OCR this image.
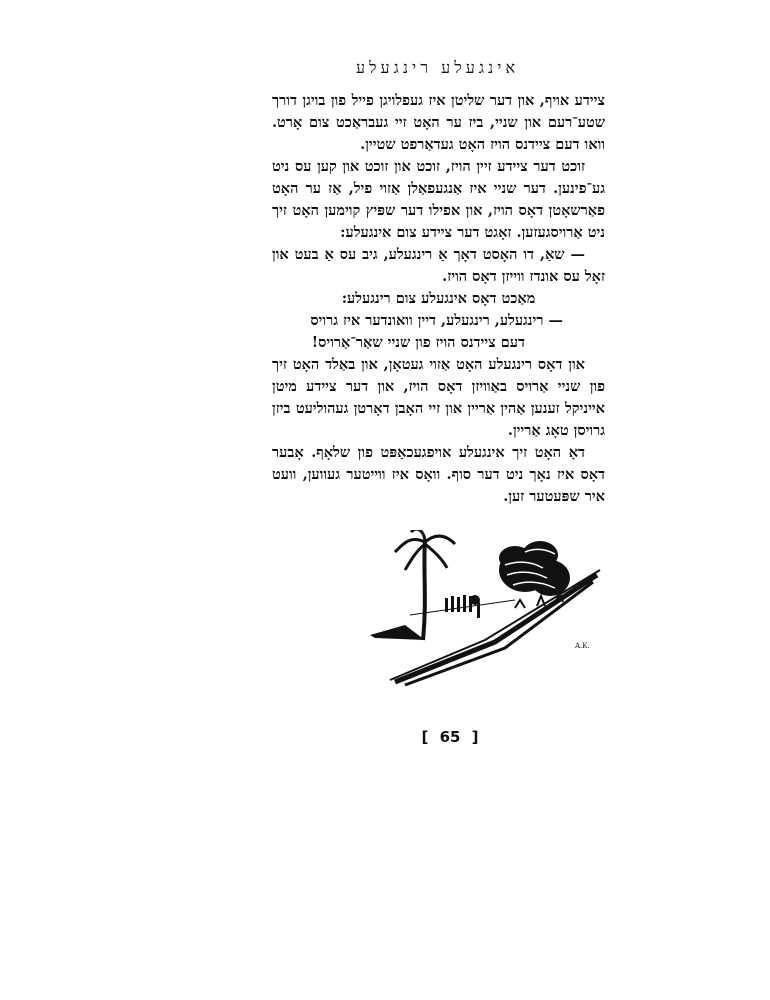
אינגעלע רינגעלע

ציידע אויף, און דער שליטן איז געפלויגן פייל פון בויגן דורך שטע־רעם און שניי, ביז ער האָט זיי געבראַכט צום אָרט. וואו דעם ציידנס הויז האָט געדאַרפט שטיין.

זוכט דער ציידע זיין הויז, זוכט און זוכט און קען עס ניט גע־פינען. דער שניי איז אַנגעפאַלן אַזוי פיל, אַז ער האָט פאַרשאָטן דאָס הויז, און אפילו דער שפּיץ קוימען האָט זיך ניט אַרויסגעזען. זאָגט דער ציידע צום אינגעלע:

— שאַ, דו האָסט דאָך אַ רינגעלע, גיב עס אַ בעט און זאָל עס אונדז ווייזן דאָס הויז.

מאַכט דאָס אינגעלע צום רינגעלע:

— רינגעלע, רינגעלע, דיין וואונדער איז גרויס

דעם ציידנס הויז פון שניי שאַר־אַרויס!

און דאָס רינגעלע האָט אַזוי געטאָן, און באַלד האָט זיך פון שניי אַרויס באַוויזן דאָס הויז, און דער ציידע מיטן אייניקל זענען אַהין אַריין און זיי האָבן דאָרטן געהוליעט ביזן גרויסן טאָג אַריין.

דאָ האָט זיך אינגעלע אויפגעכאַפּט פון שלאָף. אָבער דאָס איז נאָך ניט דער סוף. וואָס איז ווייטער געווען, וועט איר שפּעטער זען.

A.K.
[ 65 ]
